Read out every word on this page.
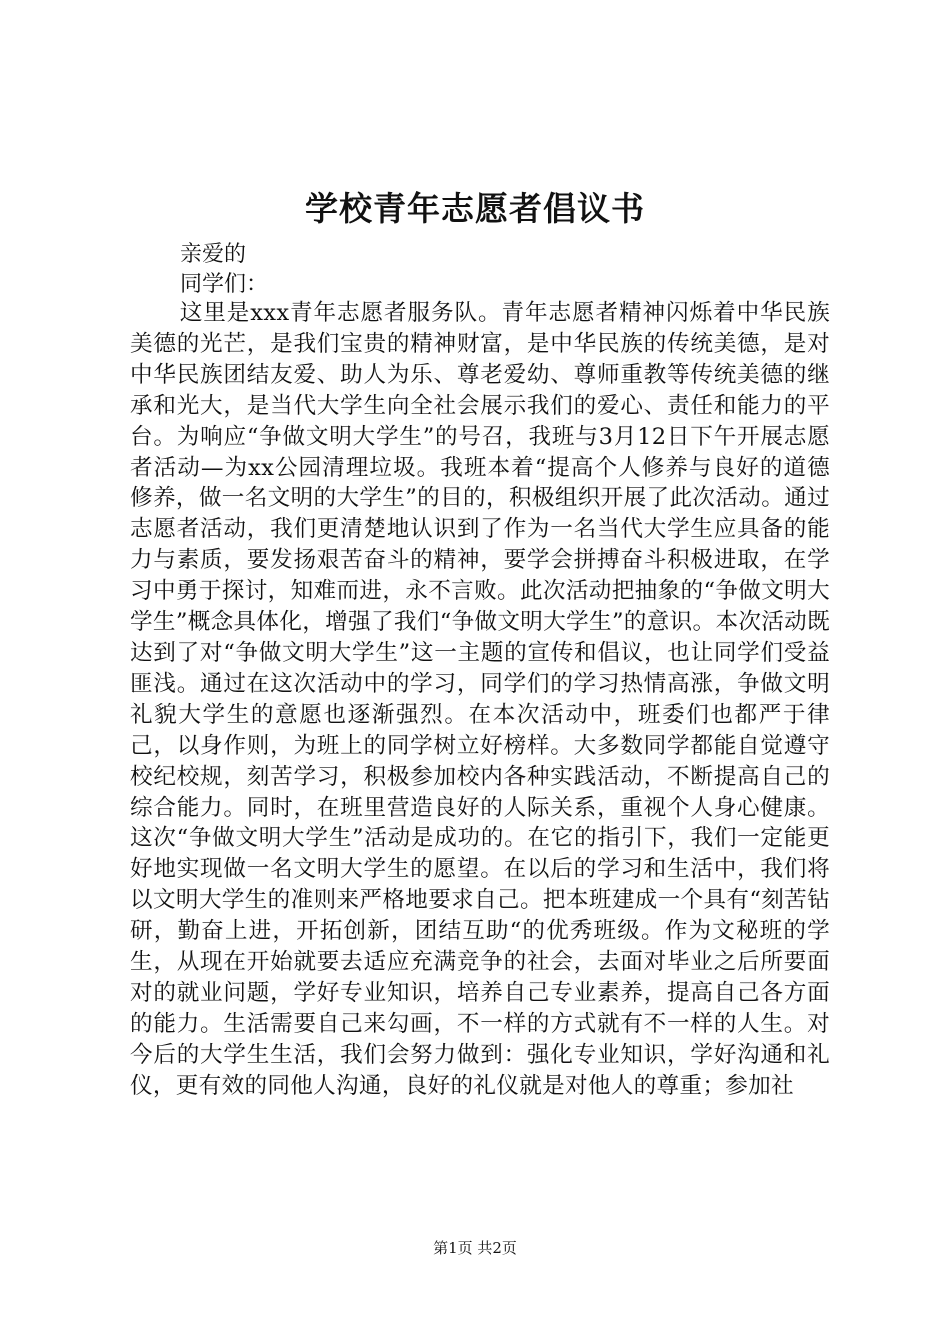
学校青年志愿者倡议书
亲爱的
同学们：
这里是xxx青年志愿者服务队。青年志愿者精神闪烁着中华民族美德的光芒，是我们宝贵的精神财富，是中华民族的传统美德，是对中华民族团结友爱、助人为乐、尊老爱幼、尊师重教等传统美德的继承和光大，是当代大学生向全社会展示我们的爱心、责任和能力的平台。为响应“争做文明大学生”的号召，我班与3月12日下午开展志愿者活动—为xx公园清理垃圾。我班本着“提高个人修养与良好的道德修养，做一名文明的大学生”的目的，积极组织开展了此次活动。通过志愿者活动，我们更清楚地认识到了作为一名当代大学生应具备的能力与素质，要发扬艰苦奋斗的精神，要学会拼搏奋斗积极进取，在学习中勇于探讨，知难而进，永不言败。此次活动把抽象的“争做文明大学生”概念具体化，增强了我们“争做文明大学生”的意识。本次活动既达到了对“争做文明大学生”这一主题的宣传和倡议，也让同学们受益匪浅。通过在这次活动中的学习，同学们的学习热情高涨，争做文明礼貌大学生的意愿也逐渐强烈。在本次活动中，班委们也都严于律己，以身作则，为班上的同学树立好榜样。大多数同学都能自觉遵守校纪校规，刻苦学习，积极参加校内各种实践活动，不断提高自己的综合能力。同时，在班里营造良好的人际关系，重视个人身心健康。这次“争做文明大学生”活动是成功的。在它的指引下，我们一定能更好地实现做一名文明大学生的愿望。在以后的学习和生活中，我们将以文明大学生的准则来严格地要求自己。把本班建成一个具有“刻苦钻研，勤奋上进，开拓创新，团结互助“的优秀班级。作为文秘班的学生，从现在开始就要去适应充满竞争的社会，去面对毕业之后所要面对的就业问题，学好专业知识，培养自己专业素养，提高自己各方面的能力。生活需要自己来勾画，不一样的方式就有不一样的人生。对今后的大学生生活，我们会努力做到：强化专业知识，学好沟通和礼仪，更有效的同他人沟通，良好的礼仪就是对他人的尊重；参加社
第1页 共2页
